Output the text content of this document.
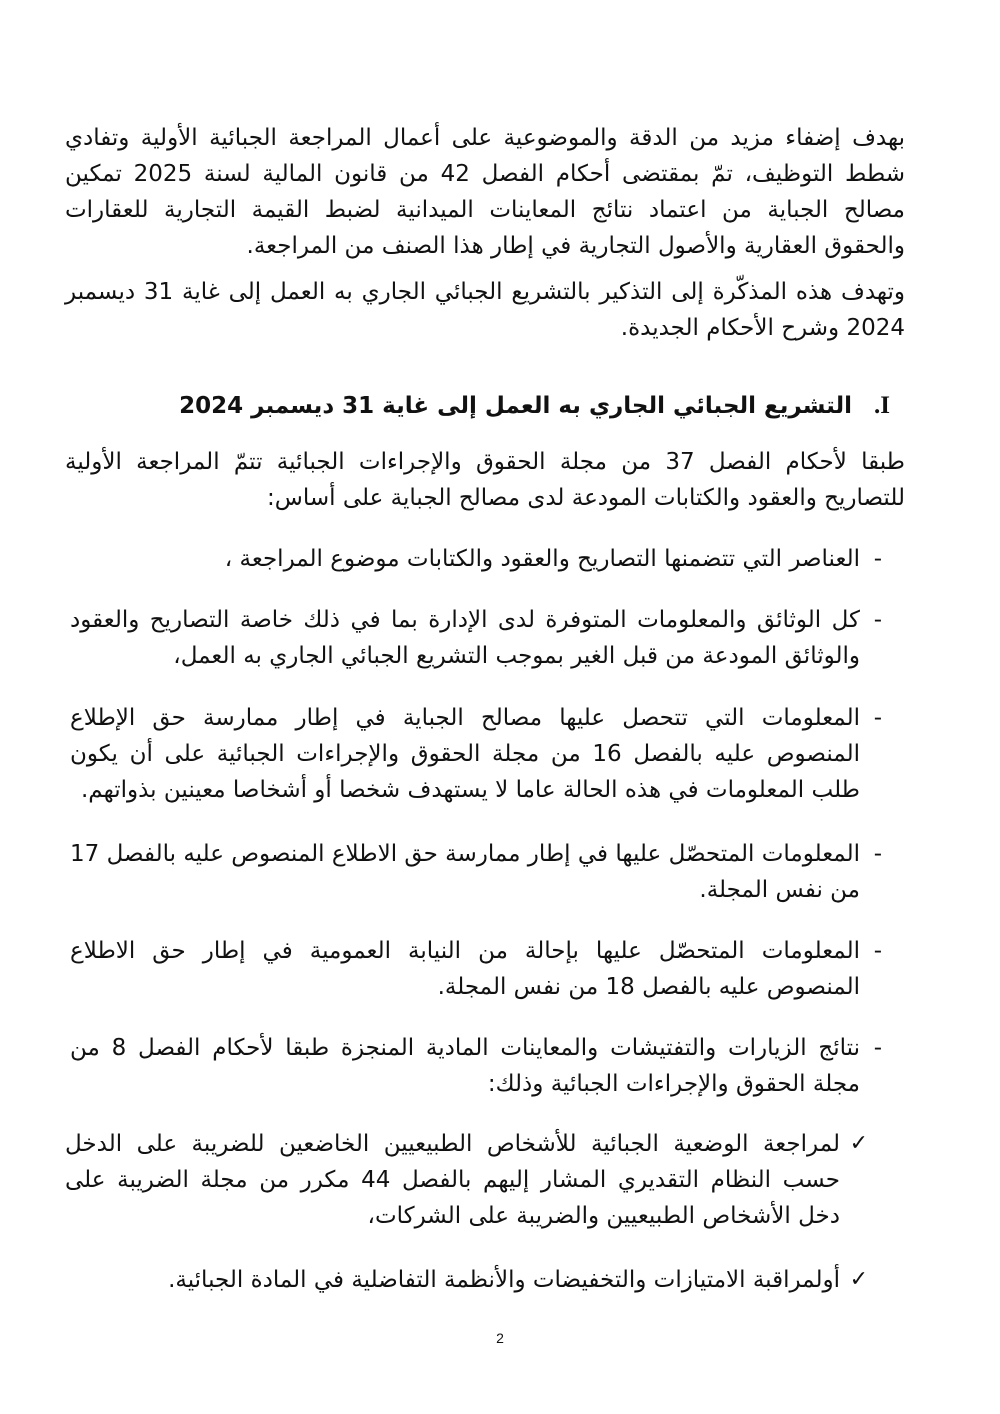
بهدف إضفاء مزيد من الدقة والموضوعية على أعمال المراجعة الجبائية الأولية وتفادي شطط التوظيف، تمّ بمقتضى أحكام الفصل 42 من قانون المالية لسنة 2025 تمكين مصالح الجباية من اعتماد نتائج المعاينات الميدانية لضبط القيمة التجارية للعقارات والحقوق العقارية والأصول التجارية في إطار هذا الصنف من المراجعة.

وتهدف هذه المذكّرة إلى التذكير بالتشريع الجبائي الجاري به العمل إلى غاية 31 ديسمبر 2024 وشرح الأحكام الجديدة.

I.
التشريع الجبائي الجاري به العمل إلى غاية 31 ديسمبر 2024

طبقا لأحكام الفصل 37 من مجلة الحقوق والإجراءات الجبائية تتمّ المراجعة الأولية للتصاريح والعقود والكتابات المودعة لدى مصالح الجباية على أساس:

-
العناصر التي تتضمنها التصاريح والعقود والكتابات موضوع المراجعة ،

-
كل الوثائق والمعلومات المتوفرة لدى الإدارة بما في ذلك خاصة التصاريح والعقود والوثائق المودعة من قبل الغير بموجب التشريع الجبائي الجاري به العمل،

-
المعلومات التي تتحصل عليها مصالح الجباية في إطار ممارسة حق الإطلاع المنصوص عليه بالفصل 16 من مجلة الحقوق والإجراءات الجبائية على أن يكون طلب المعلومات في هذه الحالة عاما لا يستهدف شخصا أو أشخاصا معينين بذواتهم.

-
المعلومات المتحصّل عليها في إطار ممارسة حق الاطلاع المنصوص عليه بالفصل 17 من نفس المجلة.

-
المعلومات المتحصّل عليها بإحالة من النيابة العمومية في إطار حق الاطلاع المنصوص عليه بالفصل 18 من نفس المجلة.

-
نتائج الزيارات والتفتيشات والمعاينات المادية المنجزة طبقا لأحكام الفصل 8 من مجلة الحقوق والإجراءات الجبائية وذلك:

✓
لمراجعة الوضعية الجبائية للأشخاص الطبيعيين الخاضعين للضريبة على الدخل حسب النظام التقديري المشار إليهم بالفصل 44 مكرر من مجلة الضريبة على دخل الأشخاص الطبيعيين والضريبة على الشركات،

✓
أولمراقبة الامتيازات والتخفيضات والأنظمة التفاضلية في المادة الجبائية.

2
